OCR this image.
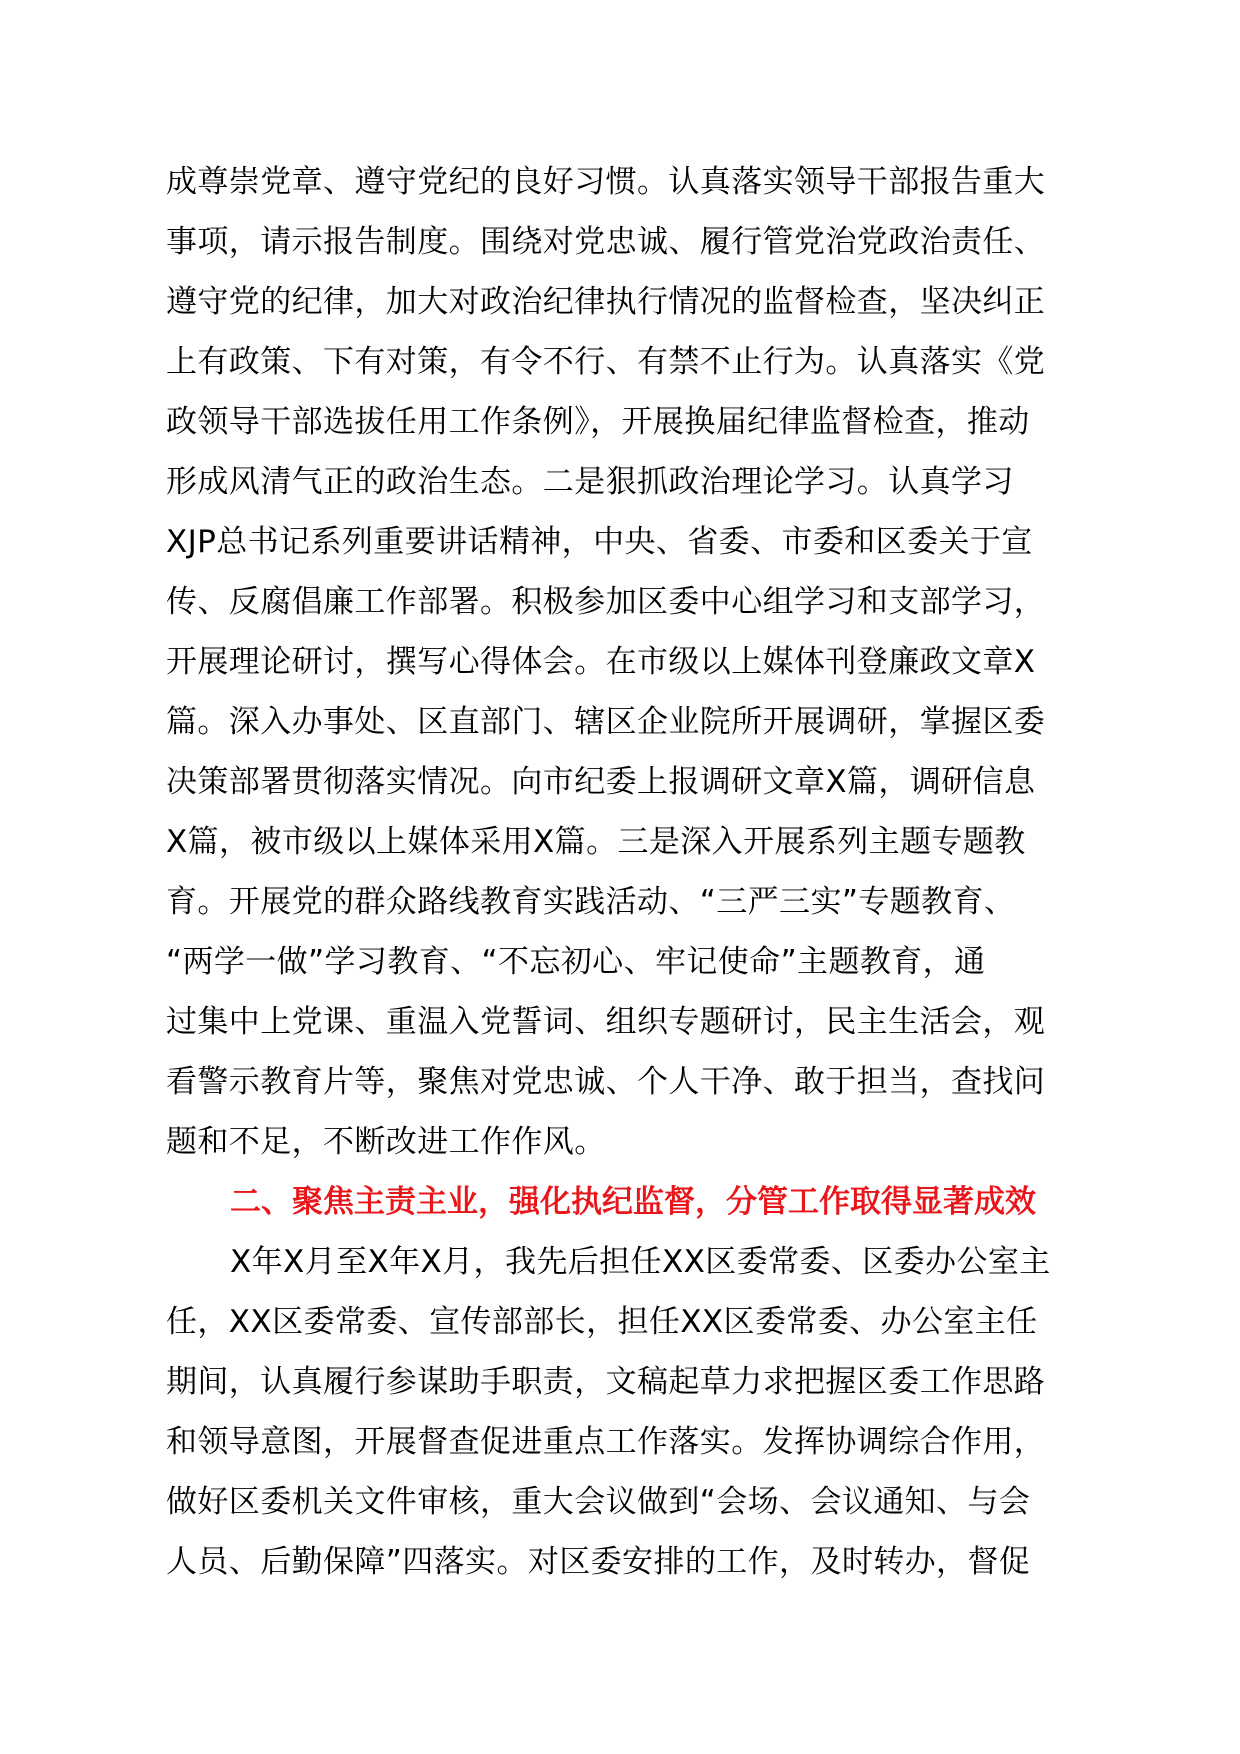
成尊崇党章、遵守党纪的良好习惯。认真落实领导干部报告重大
事项，请示报告制度。围绕对党忠诚、履行管党治党政治责任、
遵守党的纪律，加大对政治纪律执行情况的监督检查，坚决纠正
上有政策、下有对策，有令不行、有禁不止行为。认真落实《党
政领导干部选拔任用工作条例》，开展换届纪律监督检查，推动
形成风清气正的政治生态。二是狠抓政治理论学习。认真学习
XJP总书记系列重要讲话精神，中央、省委、市委和区委关于宣
传、反腐倡廉工作部署。积极参加区委中心组学习和支部学习，
开展理论研讨，撰写心得体会。在市级以上媒体刊登廉政文章X
篇。深入办事处、区直部门、辖区企业院所开展调研，掌握区委
决策部署贯彻落实情况。向市纪委上报调研文章X篇，调研信息
X篇，被市级以上媒体采用X篇。三是深入开展系列主题专题教
育。开展党的群众路线教育实践活动、“三严三实”专题教育、
“两学一做”学习教育、“不忘初心、牢记使命”主题教育，通
过集中上党课、重温入党誓词、组织专题研讨，民主生活会，观
看警示教育片等，聚焦对党忠诚、个人干净、敢于担当，查找问
题和不足，不断改进工作作风。
二、聚焦主责主业，强化执纪监督，分管工作取得显著成效
X年X月至X年X月，我先后担任XX区委常委、区委办公室主
任，XX区委常委、宣传部部长，担任XX区委常委、办公室主任
期间，认真履行参谋助手职责，文稿起草力求把握区委工作思路
和领导意图，开展督查促进重点工作落实。发挥协调综合作用，
做好区委机关文件审核，重大会议做到“会场、会议通知、与会
人员、后勤保障”四落实。对区委安排的工作，及时转办，督促
